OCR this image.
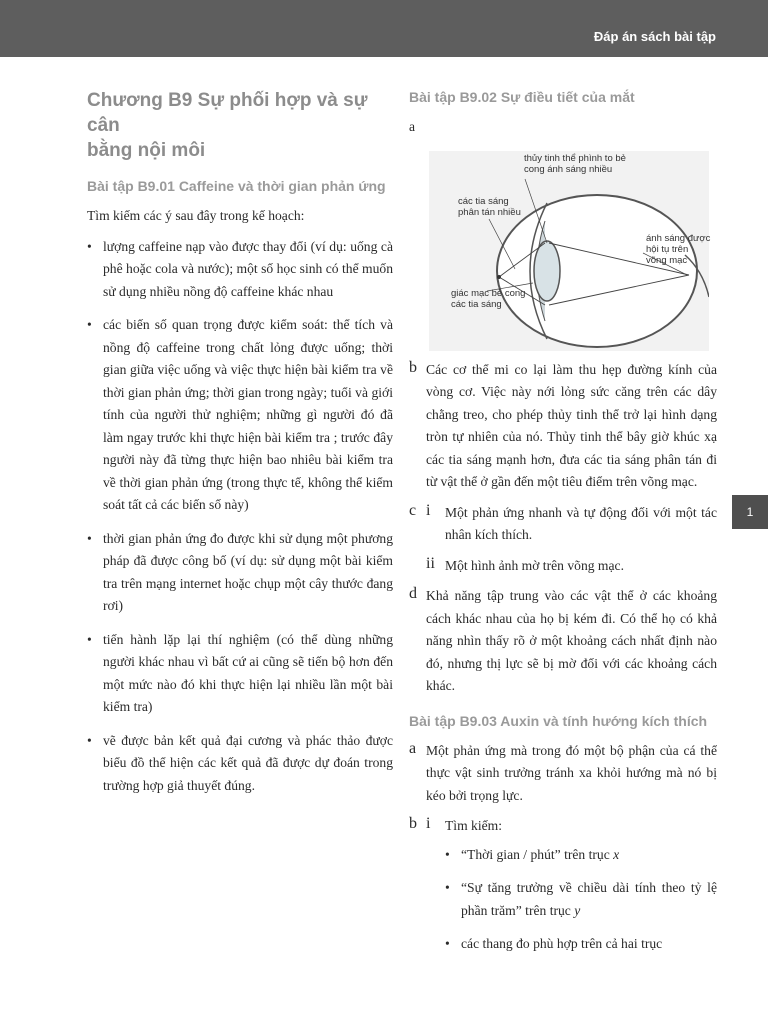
Đáp án sách bài tập
1
Chương B9 Sự phối hợp và sự cân
bằng nội môi
Bài tập B9.01 Caffeine và thời gian phản ứng

Tìm kiếm các ý sau đây trong kế hoạch:

• lượng caffeine nạp vào được thay đổi (ví dụ: uống cà phê hoặc cola và nước); một số học sinh có thể muốn sử dụng nhiều nồng độ caffeine khác nhau
• các biến số quan trọng được kiểm soát: thể tích và nồng độ caffeine trong chất lỏng được uống; thời gian giữa việc uống và việc thực hiện bài kiểm tra về thời gian phản ứng; thời gian trong ngày; tuổi và giới tính của người thử nghiệm; những gì người đó đã làm ngay trước khi thực hiện bài kiểm tra ; trước đây người này đã từng thực hiện bao nhiêu bài kiểm tra về thời gian phản ứng (trong thực tế, không thể kiểm soát tất cả các biến số này)
• thời gian phản ứng đo được khi sử dụng một phương pháp đã được công bố (ví dụ: sử dụng một bài kiểm tra trên mạng internet hoặc chụp một cây thước đang rơi)
• tiến hành lặp lại thí nghiệm (có thể dùng những người khác nhau vì bất cứ ai cũng sẽ tiến bộ hơn đến một mức nào đó khi thực hiện lại nhiều lần một bài kiểm tra)
• vẽ được bản kết quả đại cương và phác thảo được biểu đồ thể hiện các kết quả đã được dự đoán trong trường hợp giả thuyết đúng.
Bài tập B9.02 Sự điều tiết của mắt

a

thủy tinh thể phình to bẻ
cong ánh sáng nhiều
các tia sáng
phân tán nhiều
ánh sáng được
hội tụ trên
võng mạc
giác mạc bẻ cong
các tia sáng
b Các cơ thể mi co lại làm thu hẹp đường kính của vòng cơ. Việc này nới lỏng sức căng trên các dây chằng treo, cho phép thủy tinh thể trở lại hình dạng tròn tự nhiên của nó. Thủy tinh thể bây giờ khúc xạ các tia sáng mạnh hơn, đưa các tia sáng phân tán đi từ vật thể ở gần đến một tiêu điểm trên võng mạc.

c i Một phản ứng nhanh và tự động đối với một tác nhân kích thích.

ii Một hình ảnh mờ trên võng mạc.

d Khả năng tập trung vào các vật thể ở các khoảng cách khác nhau của họ bị kém đi. Có thể họ có khả năng nhìn thấy rõ ở một khoảng cách nhất định nào đó, nhưng thị lực sẽ bị mờ đối với các khoảng cách khác.

Bài tập B9.03 Auxin và tính hướng kích thích
a Một phản ứng mà trong đó một bộ phận của cá thể thực vật sinh trưởng tránh xa khỏi hướng mà nó bị kéo bởi trọng lực.

b i Tìm kiếm:

• “Thời gian / phút” trên trục x
• “Sự tăng trưởng về chiều dài tính theo tỷ lệ phần trăm” trên trục y
• các thang đo phù hợp trên cả hai trục
